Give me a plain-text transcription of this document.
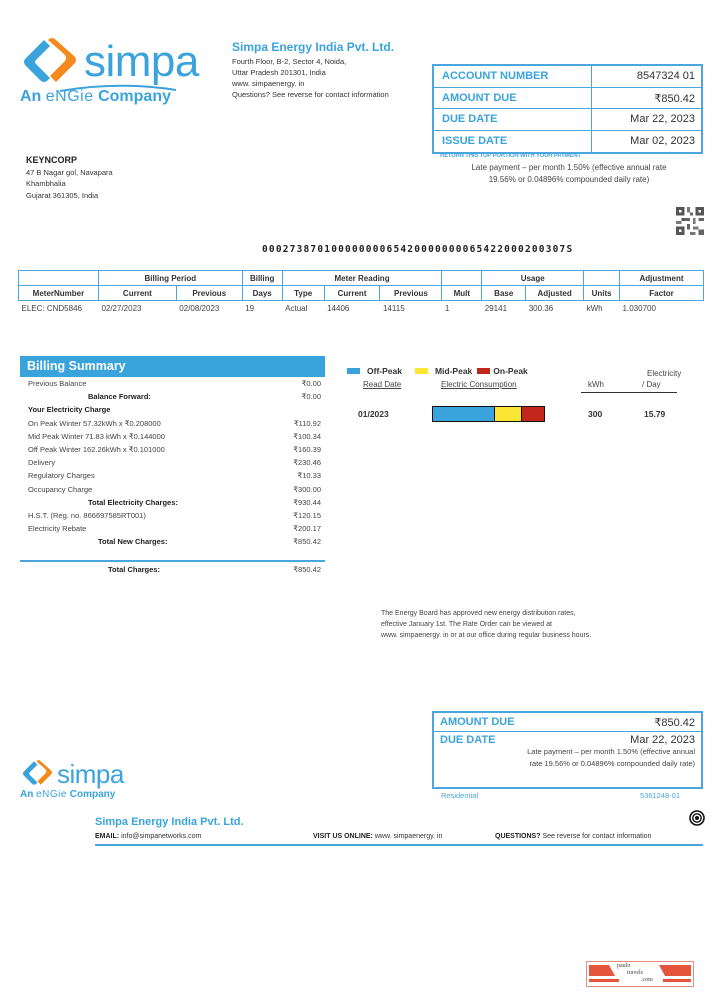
simpa
An eNGie Company
Simpa Energy India Pvt. Ltd.
Fourth Floor, B-2, Sector 4, Noida,
Uttar Pradesh 201301, India
www. simpaenergy. in
Questions? See reverse for contact information
ACCOUNT NUMBER	8547324 01
AMOUNT DUE	₹850.42
DUE DATE	Mar 22, 2023
ISSUE DATE	Mar 02, 2023
RETURN THIS TOP PORTION WITH YOUR PAYMENT
Late payment – per month 1.50% (effective annual rate
19.56% or 0.04896% compounded daily rate)
KEYNCORP
47 B Nagar gol, Navapara
Khambhalia
Gujarat 361305, India
00027387010000000065420000000065422000200307S
	Billing Period		Billing	Meter Reading				Usage			Adjustment
MeterNumber	Current	Previous	Days	Type	Current	Previous	Mult	Base	Adjusted	Units	Factor
ELEC: CND5846	02/27/2023	02/08/2023	19	Actual	14406	14115	1	29141	300.36	kWh	1.030700
Billing Summary
Previous Balance	₹0.00
Balance Forward:	₹0.00
Your Electricity Charge
On Peak Winter 57.32kWh x ₹0.208000	₹110.92
Mid Peak Winter 71.83 kWh x ₹0.144000	₹100.34
Off Peak Winter 162.26kWh x ₹0.101000	₹160.39
Delivery	₹230.46
Regulatory Charges	₹10.33
Occupancy Charge	₹300.00
Total Electricity Charges:	₹930.44
H.S.T. (Reg. no. 866697585RT001)	₹120.15
Electricity Rebate	₹200.17
Total New Charges:	₹850.42
Total Charges:	₹850.42
Off-Peak	Mid-Peak On-Peak
Read Date	Electric Consumption
Electricity
kWh	/ Day
01/2023	300	15.79
The Energy Board has approved new energy distribution rates,
effective January 1st. The Rate Order can be viewed at
www. simpaenergy. in or at our office during regular business hours.
simpa
An eNGie Company
AMOUNT DUE	₹850.42
DUE DATE	Mar 22, 2023
Late payment – per month 1.50% (effective annual
rate 19.56% or 0.04896% compounded daily rate)
Residential	5361248-01
Simpa Energy India Pvt. Ltd.
EMAIL: info@simpanetworks.com	VISIT US ONLINE: www. simpaenergy. in	QUESTIONS? See reverse for contact information
paulo
travels
.com
